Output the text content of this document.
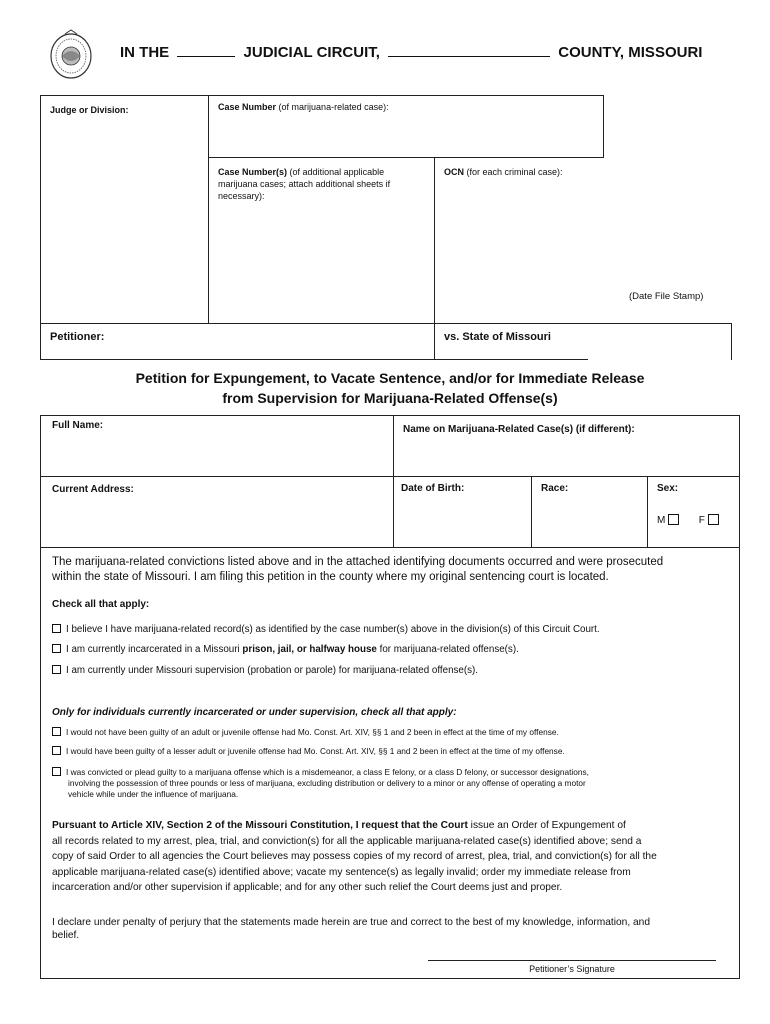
IN THE	JUDICIAL CIRCUIT,	COUNTY, MISSOURI
Judge or Division:	Case Number (of marijuana-related case):
Case Number(s) (of additional applicable
marijuana cases; attach additional sheets if
necessary):
OCN (for each criminal case):
(Date File Stamp)
Petitioner:	vs. State of Missouri
Petition for Expungement, to Vacate Sentence, and/or for Immediate Release
from Supervision for Marijuana-Related Offense(s)
Full Name:	Name on Marijuana-Related Case(s) (if different):
Current Address:	Date of Birth:	Race:	Sex:
M	F
The marijuana-related convictions listed above and in the attached identifying documents occurred and were prosecuted
within the state of Missouri. I am filing this petition in the county where my original sentencing court is located.
Check all that apply:
I believe I have marijuana-related record(s) as identified by the case number(s) above in the division(s) of this Circuit Court.
I am currently incarcerated in a Missouri prison, jail, or halfway house for marijuana-related offense(s).
I am currently under Missouri supervision (probation or parole) for marijuana-related offense(s).
Only for individuals currently incarcerated or under supervision, check all that apply:
I would not have been guilty of an adult or juvenile offense had Mo. Const. Art. XIV, §§ 1 and 2 been in effect at the time of my offense.
I would have been guilty of a lesser adult or juvenile offense had Mo. Const. Art. XIV, §§ 1 and 2 been in effect at the time of my offense.
I was convicted or plead guilty to a marijuana offense which is a misdemeanor, a class E felony, or a class D felony, or successor designations,
involving the possession of three pounds or less of marijuana, excluding distribution or delivery to a minor or any offense of operating a motor
vehicle while under the influence of marijuana.
Pursuant to Article XIV, Section 2 of the Missouri Constitution, I request that the Court issue an Order of Expungement of
all records related to my arrest, plea, trial, and conviction(s) for all the applicable marijuana-related case(s) identified above; send a
copy of said Order to all agencies the Court believes may possess copies of my record of arrest, plea, trial, and conviction(s) for all the
applicable marijuana-related case(s) identified above; vacate my sentence(s) as legally invalid; order my immediate release from
incarceration and/or other supervision if applicable; and for any other such relief the Court deems just and proper.
I declare under penalty of perjury that the statements made herein are true and correct to the best of my knowledge, information, and
belief.
Petitioner’s Signature
